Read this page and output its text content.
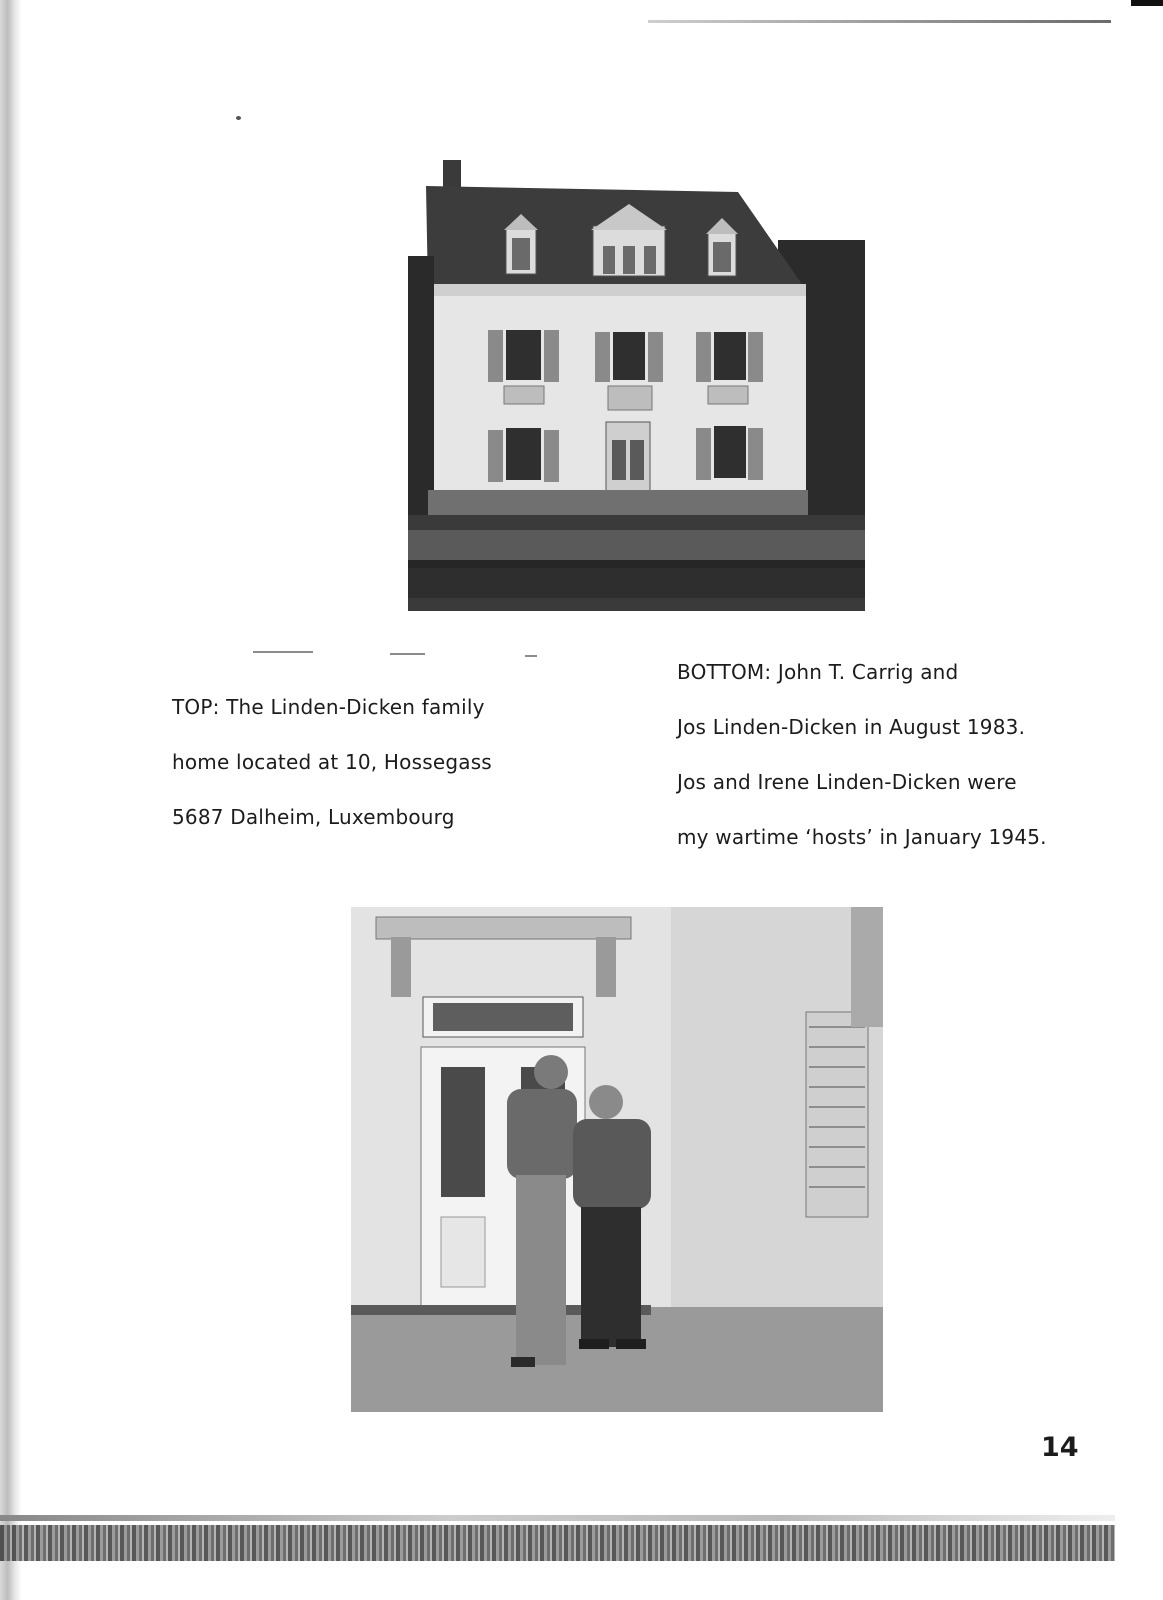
TOP: The Linden-Dicken family
home located at 10, Hossegass
5687 Dalheim, Luxembourg
BOTTOM: John T. Carrig and
Jos Linden-Dicken in August 1983.
Jos and Irene Linden-Dicken were
my wartime ‘hosts’ in January 1945.
14
